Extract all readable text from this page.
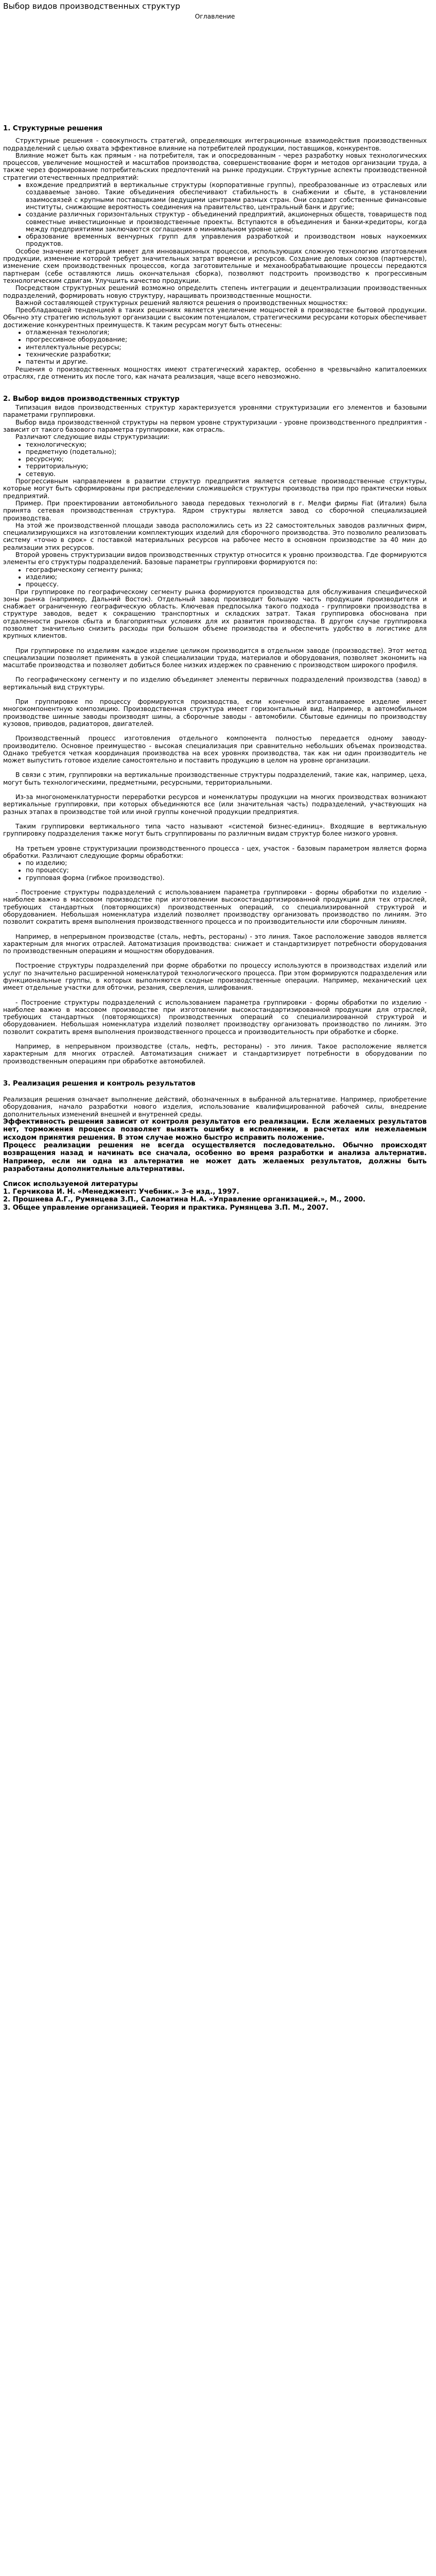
Выбор видов производственных структур

Оглавление

1. Структурные решения

Структурные решения - совокупность стратегий, определяющих интеграционные взаимодействия производственных подразделений с целью охвата эффективное влияние на потребителей продукции, поставщиков, конкурентов.

Влияние может быть как прямым - на потребителя, так и опосредованным - через разработку новых технологических процессов, увеличение мощностей и масштабов производства, совершенствование форм и методов организации труда, а также через формирование потребительских предпочтений на рынке продукции. Структурные аспекты производственной стратегии отечественных предприятий:

▪ вхождение предприятий в вертикальные структуры (корпоративные группы), преобразованные из отраслевых или создаваемые заново. Такие объединения обеспечивают стабильность в снабжении и сбыте, в установлении взаимосвязей с крупными поставщиками (ведущими центрами разных стран. Они создают собственные финансовые институты, снижающие вероятность соединения на правительство, центральный банк и другие;
▪ создание различных горизонтальных структур - объединений предприятий, акционерных обществ, товариществ под совместные инвестиционные и производственные проекты. Вступаются в объединения и банки-кредиторы, когда между предприятиями заключаются соглашения о минимальном уровне цены;
▪ образование временных венчурных групп для управления разработкой и производством новых наукоемких продуктов.

Особое значение интеграция имеет для инновационных процессов, использующих сложную технологию изготовления продукции, изменение которой требует значительных затрат времени и ресурсов. Создание деловых союзов (партнерств), изменение схем производственных процессов, когда заготовительные и механообрабатывающие процессы передаются партнерам (себе оставляются лишь окончательная сборка), позволяют подстроить производство к прогрессивным технологическим сдвигам. Улучшить качество продукции.

Посредством структурных решений возможно определить степень интеграции и децентрализации производственных подразделений, формировать новую структуру, наращивать производственные мощности.

Важной составляющей структурных решений являются решения о производственных мощностях:

Преобладающей тенденцией в таких решениях является увеличение мощностей в производстве бытовой продукции. Обычно эту стратегию используют организации с высоким потенциалом, стратегическими ресурсами которых обеспечивает достижение конкурентных преимуществ. К таким ресурсам могут быть отнесены:

• отлаженная технология;
• прогрессивное оборудование;
• интеллектуальные ресурсы;
• технические разработки;
• патенты и другие.

Решения о производственных мощностях имеют стратегический характер, особенно в чрезвычайно капиталоемких отраслях, где отменить их после того, как начата реализация, чаще всего невозможно.

2. Выбор видов производственных структур

Типизация видов производственных структур характеризуется уровнями структуризации его элементов и базовыми параметрами группировки.

Выбор вида производственной структуры на первом уровне структуризации - уровне производственного предприятия - зависит от такого базового параметра группировки, как отрасль.

Различают следующие виды структуризации:

• технологическую;
• предметную (подетально);
• ресурсную;
• территориальную;
• сетевую.

Прогрессивным направлением в развитии структур предприятия является сетевые производственные структуры, которые могут быть сформированы при распределении сложившейся структуры производства при про практически новых предприятий.

Пример. При проектировании автомобильного завода передовых технологий в г. Мелфи фирмы Fiat (Италия) была принята сетевая производственная структура. Ядром структуры является завод со сборочной специализацией производства.

На этой же производственной площади завода расположились сеть из 22 самостоятельных заводов различных фирм, специализирующихся на изготовлении комплектующих изделий для сборочного производства. Это позволило реализовать систему «точно в срок» с поставкой материальных ресурсов на рабочее место в основном производстве за 40 мин до реализации этих ресурсов.

Второй уровень структуризации видов производственных структур относится к уровню производства. Где формируются элементы его структуры подразделений. Базовые параметры группировки формируются по:

• географическому сегменту рынка;
• изделию;
• процессу.

При группировке по географическому сегменту рынка формируются производства для обслуживания специфической зоны рынка (например, Дальний Восток). Отдельный завод производит большую часть продукции производителя и снабжает ограниченную географическую область. Ключевая предпосылка такого подхода - группировки производства в структуре заводов, ведет к сокращению транспортных и складских затрат. Такая группировка обоснована при отдаленности рынков сбыта и благоприятных условиях для их развития производства. В другом случае группировка позволяет значительно снизить расходы при большом объеме производства и обеспечить удобство в логистике для крупных клиентов.

При группировке по изделиям каждое изделие целиком производится в отдельном заводе (производстве). Этот метод специализации позволяет применять в узкой специализации труда, материалов и оборудования, позволяет экономить на масштабе производства и позволяет добиться более низких издержек по сравнению с производством широкого профиля.

По географическому сегменту и по изделию объединяет элементы первичных подразделений производства (завод) в вертикальный вид структуры.

При группировке по процессу формируются производства, если конечное изготавливаемое изделие имеет многокомпонентную композицию. Производственная структура имеет горизонтальный вид. Например, в автомобильном производстве шинные заводы производят шины, а сборочные заводы - автомобили. Сбытовые единицы по производству кузовов, приводов, радиаторов, двигателей.

Производственный процесс изготовления отдельного компонента полностью передается одному заводу-производителю. Основное преимущество - высокая специализация при сравнительно небольших объемах производства. Однако требуется четкая координация производства на всех уровнях производства, так как ни один производитель не может выпустить готовое изделие самостоятельно и поставить продукцию в целом на уровне организации.

В связи с этим, группировки на вертикальные производственные структуры подразделений, такие как, например, цеха, могут быть технологическими, предметными, ресурсными, территориальными.

Из-за многономенклатурности переработки ресурсов и номенклатуры продукции на многих производствах возникают вертикальные группировки, при которых объединяются все (или значительная часть) подразделений, участвующих на разных этапах в производстве той или иной группы конечной продукции предприятия.

Таким группировки вертикального типа часто называют «системой бизнес-единиц». Входящие в вертикальную группировку подразделения также могут быть сгруппированы по различным видам структур более низкого уровня.

На третьем уровне структуризации производственного процесса - цех, участок - базовым параметром является форма обработки. Различают следующие формы обработки:

• по изделию;
• по процессу;
• групповая форма (гибкое производство).

- Построение структуры подразделений с использованием параметра группировки - формы обработки по изделию - наиболее важно в массовом производстве при изготовлении высокостандартизированной продукции для тех отраслей, требующих стандартных (повторяющихся) производственных операций, со специализированной структурой и оборудованием. Небольшая номенклатура изделий позволяет производству организовать производство по линиям. Это позволит сократить время выполнения производственного процесса и по производительности или сборочным линиям.

Например, в непрерывном производстве (сталь, нефть, рестораны) - это линия. Такое расположение заводов является характерным для многих отраслей. Автоматизация производства: снижает и стандартизирует потребности оборудования по производственным операциям и мощностям оборудования.

Построение структуры подразделений при форме обработки по процессу используются в производствах изделий или услуг по значительно расширенной номенклатурой технологического процесса. При этом формируются подразделения или функциональные группы, в которых выполняются сходные производственные операции. Например, механический цех имеет отдельные участки для обточки, резания, сверления, шлифования.

- Построение структуры подразделений с использованием параметра группировки - формы обработки по изделию - наиболее важно в массовом производстве при изготовлении высокостандартизированной продукции для отраслей, требующих стандартных (повторяющихся) производственных операций со специализированной структурой и оборудованием. Небольшая номенклатура изделий позволяет производству организовать производство по линиям. Это позволит сократить время выполнения производственного процесса и производительность при обработке и сборке.

Например, в непрерывном производстве (сталь, нефть, рестораны) - это линия. Такое расположение является характерным для многих отраслей. Автоматизация снижает и стандартизирует потребности в оборудовании по производственным операциям при обработке автомобилей.

3. Реализация решения и контроль результатов

Реализация решения означает выполнение действий, обозначенных в выбранной альтернативе. Например, приобретение оборудования, начало разработки нового изделия, использование квалифицированной рабочей силы, внедрение дополнительных изменений внешней и внутренней среды.

Эффективность решения зависит от контроля результатов его реализации. Если желаемых результатов нет, торможения процесса позволяет выявить ошибку в исполнении, в расчетах или нежелаемым исходом принятия решения. В этом случае можно быстро исправить положение.

Процесс реализации решения не всегда осуществляется последовательно. Обычно происходят возвращения назад и начинать все сначала, особенно во время разработки и анализа альтернатив. Например, если ни одна из альтернатив не может дать желаемых результатов, должны быть разработаны дополнительные альтернативы.

Список используемой литературы

1. Герчикова И. Н. «Менеджмент: Учебник.» 3-е изд., 1997.

2. Прошнева А.Г., Румянцева З.П., Саломатина Н.А. «Управление организацией.», М., 2000.

3. Общее управление организацией. Теория и практика. Румянцева З.П. М., 2007.
